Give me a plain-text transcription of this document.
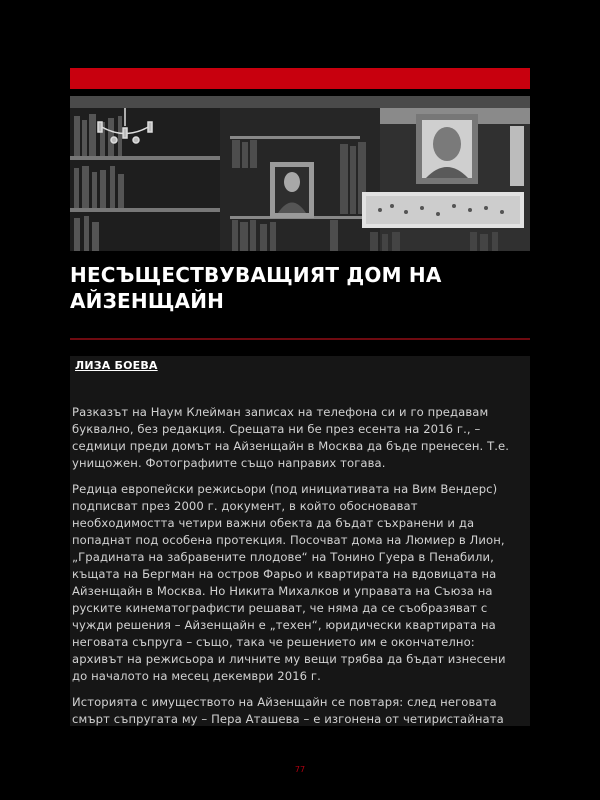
НЕСЪЩЕСТВУВАЩИЯТ ДОМ НА АЙЗЕНЩАЙН
ЛИЗА БОЕВА

Разказът на Наум Клейман записах на телефона си и го предавам буквално, без редакция. Срещата ни бе през есента на 2016 г., – седмици преди домът на Айзенщайн в Москва да бъде пренесен. Т.е. унищожен. Фотографиите също направих тогава.

Редица европейски режисьори (под инициативата на Вим Вендерс) подписват през 2000 г. документ, в който обосновават необходимостта четири важни обекта да бъдат съхранени и да попаднат под особена протекция. Посочват дома на Люмиер в Лион, „Градината на забравените плодове“ на Тонино Гуера в Пенабили, къщата на Бергман на остров Фарьо и квартирата на вдовицата на Айзенщайн в Москва. Но Никита Михалков и управата на Съюза на руските кинематографисти решават, че няма да се съобразяват с чужди решения – Айзенщайн е „техен“, юридически квартирата на неговата съпруга – също, така че решението им е окончателно: архивът на режисьора и личните му вещи трябва да бъдат изнесени до началото на месец декември 2016 г.

Историята с имуществото на Айзенщайн се повтаря: след неговата смърт съпругата му – Пера Аташева – е изгонена от четиристайната

77
